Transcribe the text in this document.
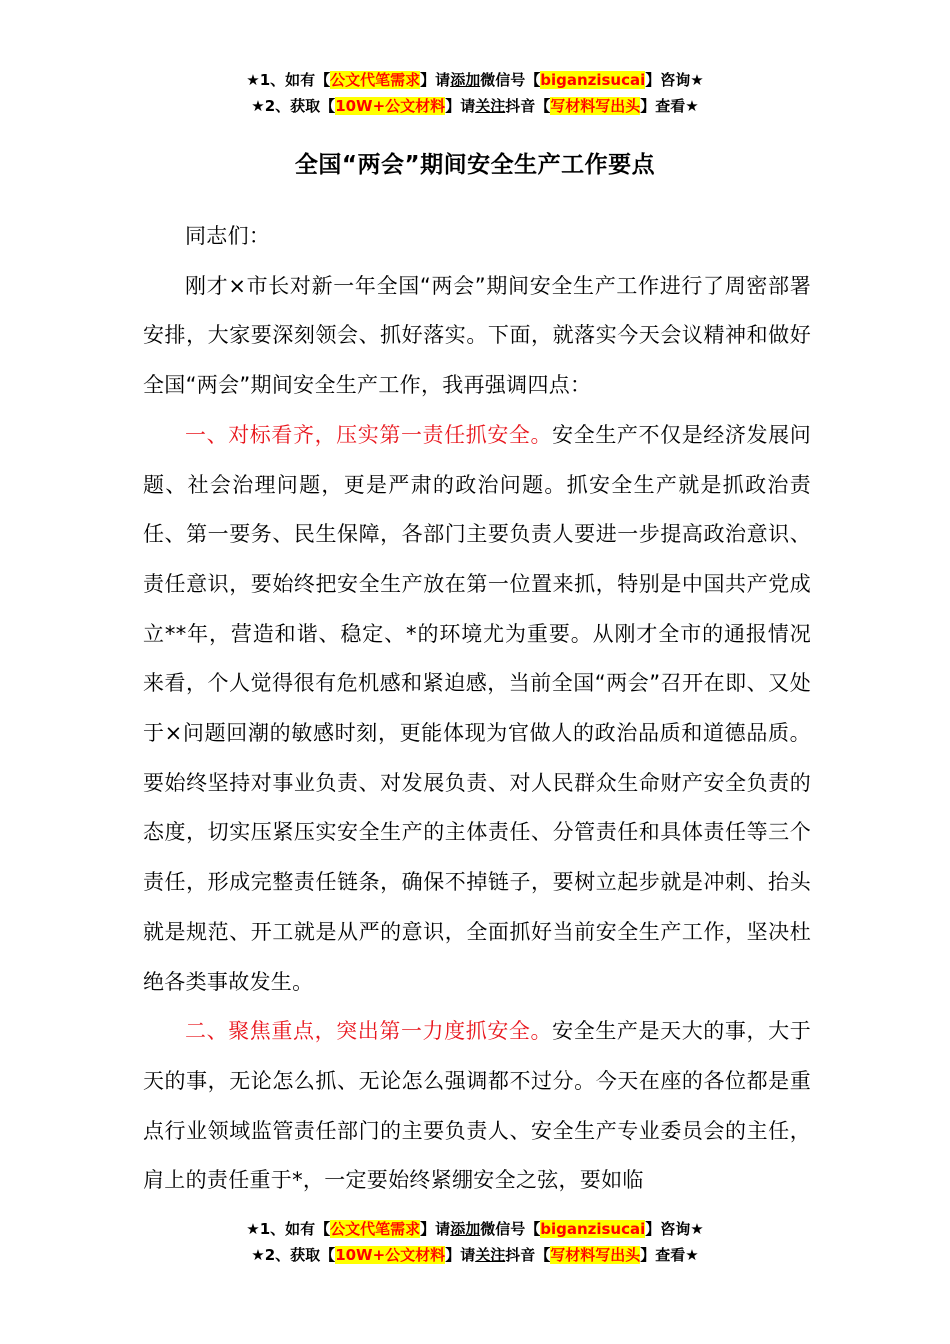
★1、如有【公文代笔需求】请添加微信号【biganzisucai】咨询★
★2、获取【10W+公文材料】请关注抖音【写材料写出头】查看★
全国“两会”期间安全生产工作要点

同志们：

刚才×市长对新一年全国“两会”期间安全生产工作进行了周密部署安排，大家要深刻领会、抓好落实。下面，就落实今天会议精神和做好全国“两会”期间安全生产工作，我再强调四点：

一、对标看齐，压实第一责任抓安全。安全生产不仅是经济发展问题、社会治理问题，更是严肃的政治问题。抓安全生产就是抓政治责任、第一要务、民生保障，各部门主要负责人要进一步提高政治意识、责任意识，要始终把安全生产放在第一位置来抓，特别是中国共产党成立**年，营造和谐、稳定、*的环境尤为重要。从刚才全市的通报情况来看，个人觉得很有危机感和紧迫感，当前全国“两会”召开在即、又处于×问题回潮的敏感时刻，更能体现为官做人的政治品质和道德品质。要始终坚持对事业负责、对发展负责、对人民群众生命财产安全负责的态度，切实压紧压实安全生产的主体责任、分管责任和具体责任等三个责任，形成完整责任链条，确保不掉链子，要树立起步就是冲刺、抬头就是规范、开工就是从严的意识，全面抓好当前安全生产工作，坚决杜绝各类事故发生。

二、聚焦重点，突出第一力度抓安全。安全生产是天大的事，大于天的事，无论怎么抓、无论怎么强调都不过分。今天在座的各位都是重点行业领域监管责任部门的主要负责人、安全生产专业委员会的主任，肩上的责任重于*，一定要始终紧绷安全之弦，要如临

★1、如有【公文代笔需求】请添加微信号【biganzisucai】咨询★
★2、获取【10W+公文材料】请关注抖音【写材料写出头】查看★
